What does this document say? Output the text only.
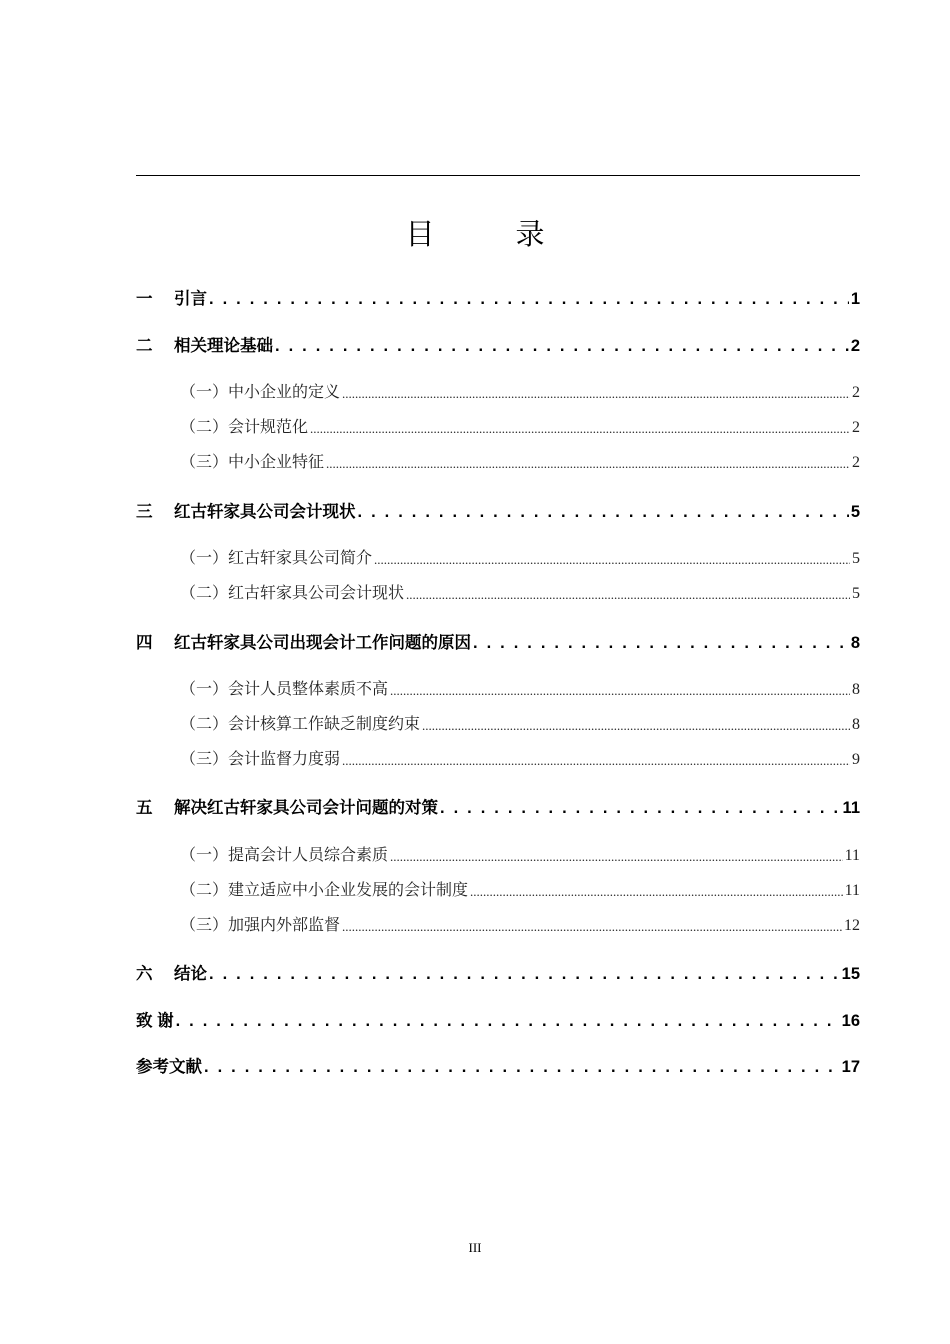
目　录
一	引言 . . .	1
二	相关理论基础 . . .	2
（一） 中小企业的定义 .....	2
（二） 会计规范化 .....	2
（三） 中小企业特征 .....	2
三	红古轩家具公司会计现状 . . .	5
（一） 红古轩家具公司简介 .....	5
（二） 红古轩家具公司会计现状 .....	5
四	红古轩家具公司出现会计工作问题的原因 . . .	8
（一） 会计人员整体素质不高 .....	8
（二） 会计核算工作缺乏制度约束 .....	8
（三） 会计监督力度弱 .....	9
五	解决红古轩家具公司会计问题的对策 . . .	11
（一） 提高会计人员综合素质 .....	11
（二） 建立适应中小企业发展的会计制度 .....	11
（三） 加强内外部监督 .....	12
六	结论 . . .	15
致 谢 . . .	16
参考文献 . . .	17
III
